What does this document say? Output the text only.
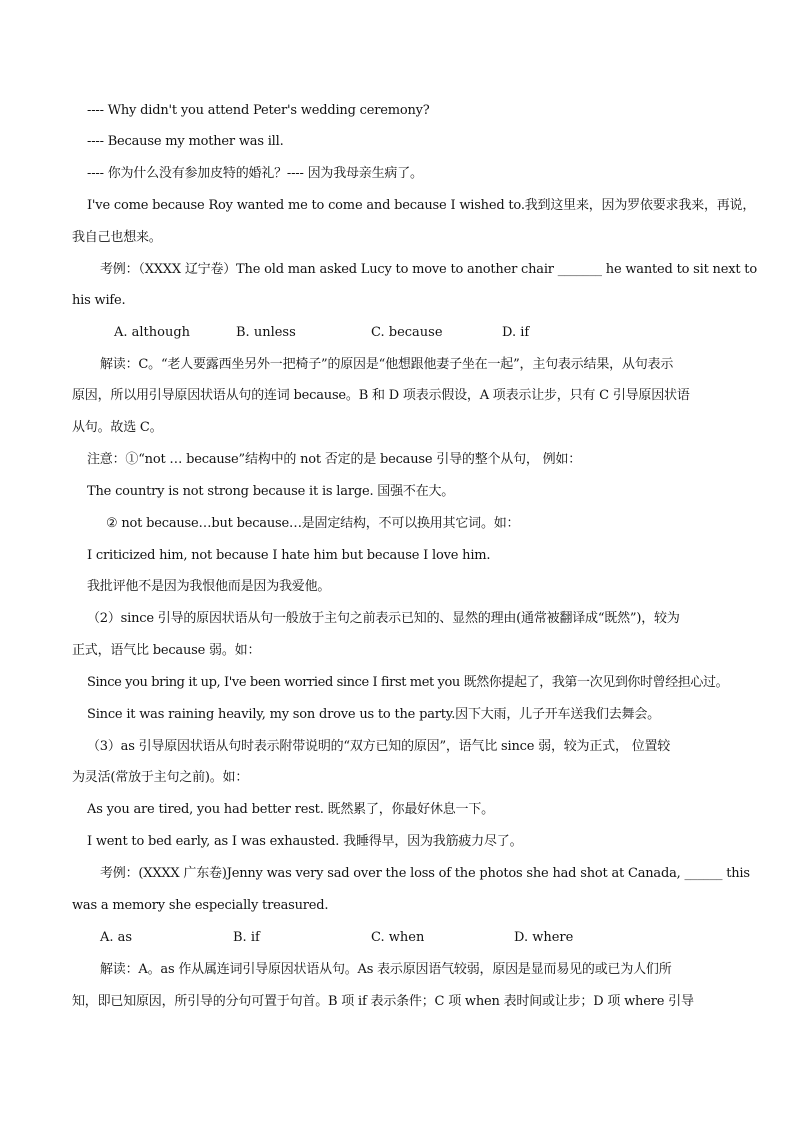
---- Why didn't you attend Peter's wedding ceremony?
---- Because my mother was ill.
---- 你为什么没有参加皮特的婚礼？---- 因为我母亲生病了。
I've come because Roy wanted me to come and because I wished to.我到这里来，因为罗依要求我来，再说，
我自己也想来。
考例：（XXXX 辽宁卷）The old man asked Lucy to move to another chair _______ he wanted to sit next to
his wife.
A. although	B. unless	C. because	D. if
解读：C。“老人要露西坐另外一把椅子”的原因是“他想跟他妻子坐在一起”，主句表示结果，从句表示
原因，所以用引导原因状语从句的连词 because。B 和 D 项表示假设，A 项表示让步，只有 C 引导原因状语
从句。故选 C。
注意：①“not … because”结构中的 not 否定的是 because 引导的整个从句， 例如：
The country is not strong because it is large. 国强不在大。
② not because…but because…是固定结构，不可以换用其它词。如：
I criticized him, not because I hate him but because I love him.
我批评他不是因为我恨他而是因为我爱他。
（2）since 引导的原因状语从句一般放于主句之前表示已知的、显然的理由(通常被翻译成“既然”)，较为
正式，语气比 because 弱。如：
Since you bring it up, I've been worried since I first met you 既然你提起了，我第一次见到你时曾经担心过。
Since it was raining heavily, my son drove us to the party.因下大雨，儿子开车送我们去舞会。
（3）as 引导原因状语从句时表示附带说明的“双方已知的原因”，语气比 since 弱，较为正式， 位置较
为灵活(常放于主句之前)。如：
As you are tired, you had better rest. 既然累了，你最好休息一下。
I went to bed early, as I was exhausted. 我睡得早，因为我筋疲力尽了。
考例：(XXXX 广东卷)Jenny was very sad over the loss of the photos she had shot at Canada, ______ this
was a memory she especially treasured.
A. as	B. if	C. when	D. where
解读：A。as 作从属连词引导原因状语从句。As 表示原因语气较弱，原因是显而易见的或已为人们所
知，即已知原因，所引导的分句可置于句首。B 项 if 表示条件；C 项 when 表时间或让步；D 项 where 引导
